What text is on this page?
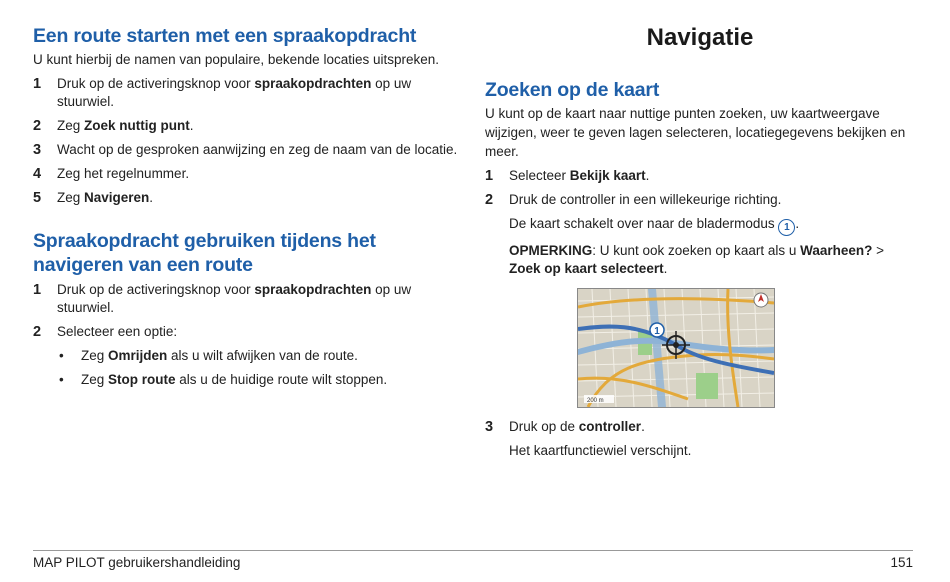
Een route starten met een spraakopdracht

U kunt hierbij de namen van populaire, bekende locaties uitspreken.

1 Druk op de activeringsknop voor spraakopdrachten op uw stuurwiel.
2 Zeg Zoek nuttig punt.
3 Wacht op de gesproken aanwijzing en zeg de naam van de locatie.
4 Zeg het regelnummer.
5 Zeg Navigeren.
Spraakopdracht gebruiken tijdens het navigeren van een route
1 Druk op de activeringsknop voor spraakopdrachten op uw stuurwiel.
2 Selecteer een optie:
• Zeg Omrijden als u wilt afwijken van de route.
• Zeg Stop route als u de huidige route wilt stoppen.
Navigatie
Zoeken op de kaart

U kunt op de kaart naar nuttige punten zoeken, uw kaartweergave wijzigen, weer te geven lagen selecteren, locatiegegevens bekijken en meer.

1 Selecteer Bekijk kaart.
2 Druk de controller in een willekeurige richting.
De kaart schakelt over naar de bladermodus 1 .
OPMERKING: U kunt ook zoeken op kaart als u Waarheen? > Zoek op kaart selecteert.
1
200 m
3 Druk op de controller.
Het kaartfunctiewiel verschijnt.
MAP PILOT gebruikershandleiding	151
